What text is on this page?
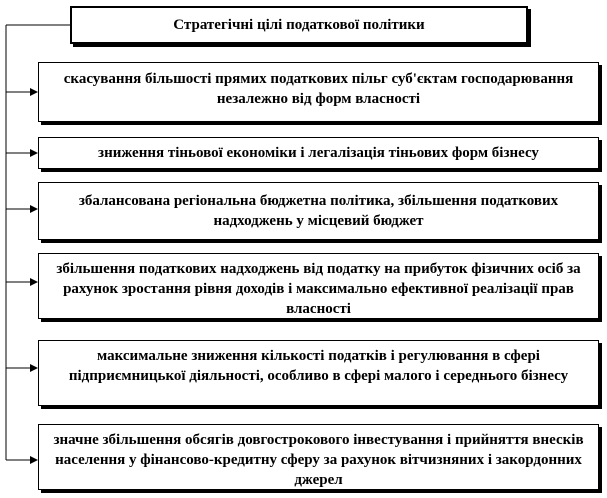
Стратегічні цілі податкової політики
скасування більшості прямих податкових пільг суб'єктам господарювання незалежно від форм власності
зниження тіньової економіки і легалізація тіньових форм бізнесу
збалансована регіональна бюджетна політика, збільшення податкових надходжень у місцевий бюджет
збільшення податкових надходжень від податку на прибуток фізичних осіб за рахунок зростання рівня доходів і максимально ефективної реалізації прав власності
максимальне зниження кількості податків і регулювання в сфері підприємницької діяльності, особливо в сфері малого і середнього бізнесу
значне збільшення обсягів довгострокового інвестування і прийняття внесків населення у фінансово-кредитну сферу за рахунок вітчизняних і закордонних джерел
